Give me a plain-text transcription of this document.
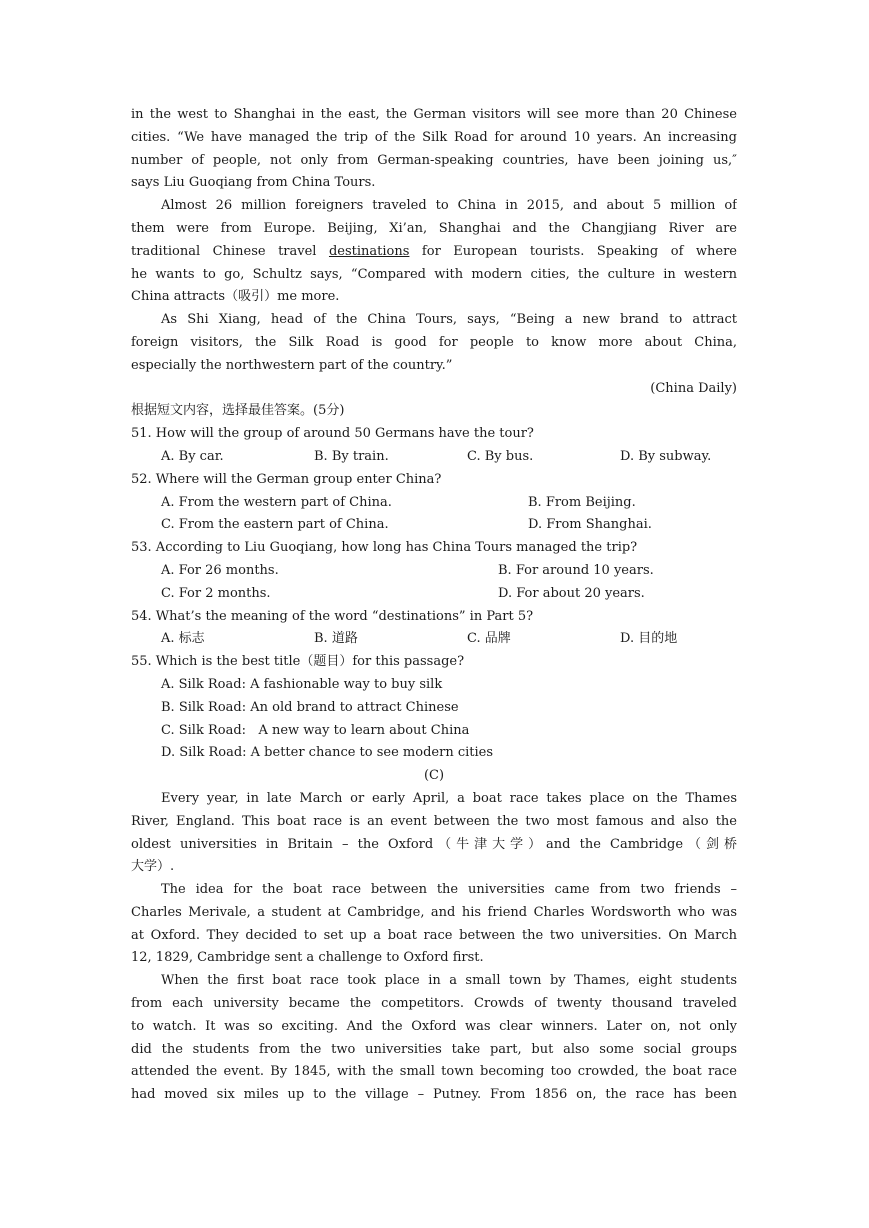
in the west to Shanghai in the east, the German visitors will see more than 20 Chinese
cities. “We have managed the trip of the Silk Road for around 10 years. An increasing
number of people, not only from German-speaking countries, have been joining us,″
says Liu Guoqiang from China Tours.
Almost 26 million foreigners traveled to China in 2015, and about 5 million of
them were from Europe. Beijing, Xi’an, Shanghai and the Changjiang River are
traditional Chinese travel destinations for European tourists. Speaking of where
he wants to go, Schultz says, “Compared with modern cities, the culture in western
China attracts（吸引）me more.
As Shi Xiang, head of the China Tours, says, “Being a new brand to attract
foreign visitors, the Silk Road is good for people to know more about China,
especially the northwestern part of the country.”
(China Daily)
根据短文内容，选择最佳答案。(5分)
51. How will the group of around 50 Germans have the tour?
A. By car.	B. By train.	C. By bus.	D. By subway.
52. Where will the German group enter China?
A. From the western part of China.	B. From Beijing.
C. From the eastern part of China.	D. From Shanghai.
53. According to Liu Guoqiang, how long has China Tours managed the trip?
A. For 26 months.	B. For around 10 years.
C. For 2 months.	D. For about 20 years.
54. What’s the meaning of the word “destinations” in Part 5?
A. 标志	B. 道路	C. 品牌	D. 目的地
55. Which is the best title（题目）for this passage?
A. Silk Road: A fashionable way to buy silk
B. Silk Road: An old brand to attract Chinese
C. Silk Road:   A new way to learn about China
D. Silk Road: A better chance to see modern cities
(C)
Every year, in late March or early April, a boat race takes place on the Thames
River, England. This boat race is an event between the two most famous and also the
oldest universities in Britain – the Oxford（牛津大学）and the Cambridge（剑桥
大学）.
The idea for the boat race between the universities came from two friends –
Charles Merivale, a student at Cambridge, and his friend Charles Wordsworth who was
at Oxford. They decided to set up a boat race between the two universities. On March
12, 1829, Cambridge sent a challenge to Oxford first.
When the first boat race took place in a small town by Thames, eight students
from each university became the competitors. Crowds of twenty thousand traveled
to watch. It was so exciting. And the Oxford was clear winners. Later on, not only
did the students from the two universities take part, but also some social groups
attended the event. By 1845, with the small town becoming too crowded, the boat race
had moved six miles up to the village – Putney. From 1856 on, the race has been
